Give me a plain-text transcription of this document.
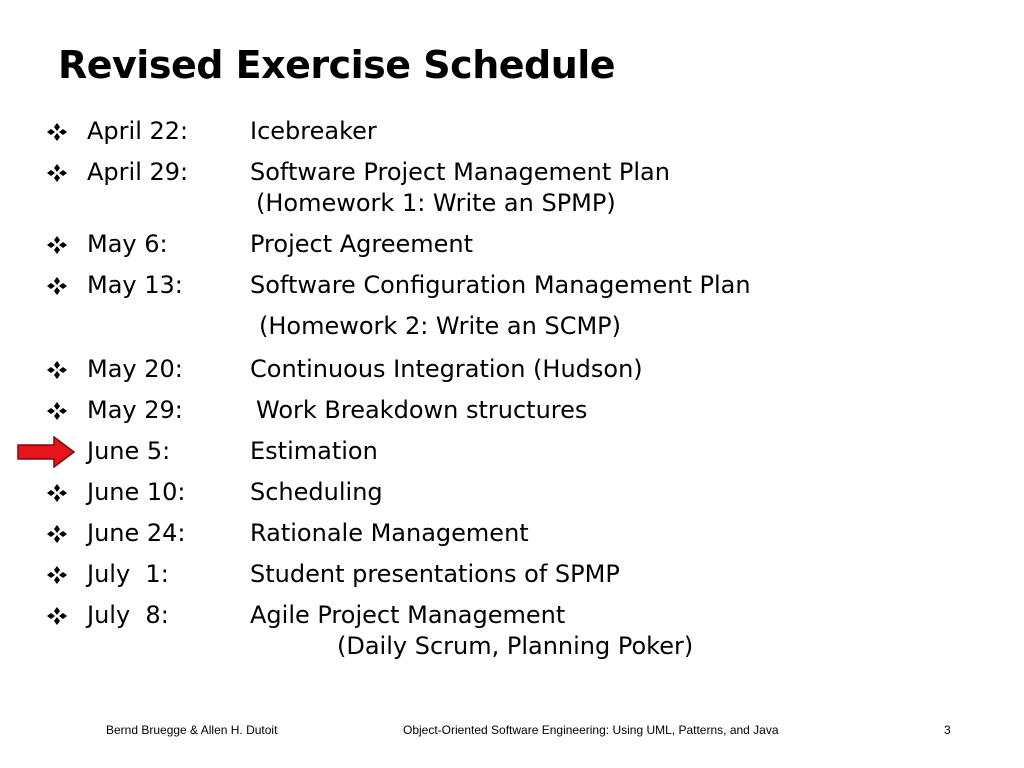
Revised Exercise Schedule
April 22:	Icebreaker
April 29:	Software Project Management Plan
(Homework 1: Write an SPMP)
May 6:	Project Agreement
May 13:	Software Configuration Management Plan
(Homework 2: Write an SCMP)
May 20:	Continuous Integration (Hudson)
May 29:	Work Breakdown structures
June 5:	Estimation
June 10:	Scheduling
June 24:	Rationale Management
July  1:	Student presentations of SPMP
July  8:	Agile Project Management
(Daily Scrum, Planning Poker)
Bernd Bruegge & Allen H. Dutoit	Object-Oriented Software Engineering: Using UML, Patterns, and Java	3
